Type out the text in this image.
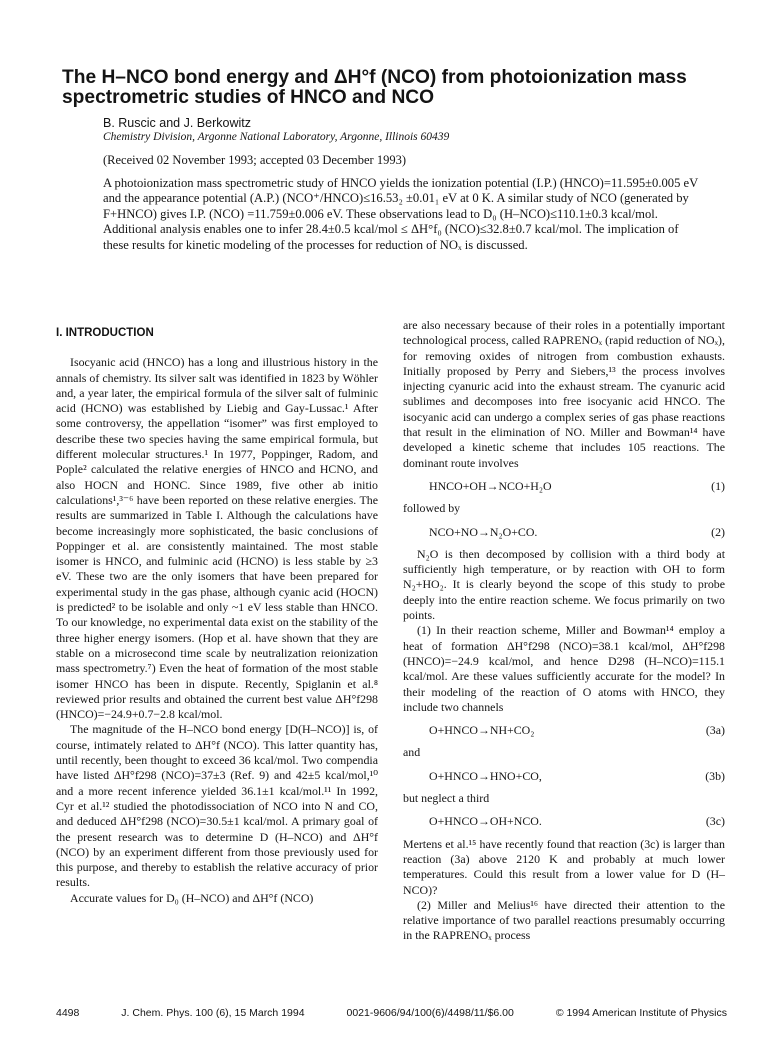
The H–NCO bond energy and ΔH°f (NCO) from photoionization mass spectrometric studies of HNCO and NCO
B. Ruscic and J. Berkowitz
Chemistry Division, Argonne National Laboratory, Argonne, Illinois 60439
(Received 02 November 1993; accepted 03 December 1993)

A photoionization mass spectrometric study of HNCO yields the ionization potential (I.P.) (HNCO)=11.595±0.005 eV and the appearance potential (A.P.) (NCO⁺/HNCO)≤16.53₂ ±0.01₁ eV at 0 K. A similar study of NCO (generated by F+HNCO) gives I.P. (NCO) =11.759±0.006 eV. These observations lead to D₀ (H–NCO)≤110.1±0.3 kcal/mol. Additional analysis enables one to infer 28.4±0.5 kcal/mol ≤ ΔH°f₀ (NCO)≤32.8±0.7 kcal/mol. The implication of these results for kinetic modeling of the processes for reduction of NOₓ is discussed.

I. INTRODUCTION

Isocyanic acid (HNCO) has a long and illustrious history in the annals of chemistry. Its silver salt was identified in 1823 by Wöhler and, a year later, the empirical formula of the silver salt of fulminic acid (HCNO) was established by Liebig and Gay-Lussac.¹ After some controversy, the appellation “isomer” was first employed to describe these two species having the same empirical formula, but different molecular structures.¹ In 1977, Poppinger, Radom, and Pople² calculated the relative energies of HNCO and HCNO, and also HOCN and HONC. Since 1989, five other ab initio calculations¹,³⁻⁶ have been reported on these relative energies. The results are summarized in Table I. Although the calculations have become increasingly more sophisticated, the basic conclusions of Poppinger et al. are consistently maintained. The most stable isomer is HNCO, and fulminic acid (HCNO) is less stable by ≥3 eV. These two are the only isomers that have been prepared for experimental study in the gas phase, although cyanic acid (HOCN) is predicted² to be isolable and only ~1 eV less stable than HNCO. To our knowledge, no experimental data exist on the stability of the three higher energy isomers. (Hop et al. have shown that they are stable on a microsecond time scale by neutralization reionization mass spectrometry.⁷) Even the heat of formation of the most stable isomer HNCO has been in dispute. Recently, Spiglanin et al.⁸ reviewed prior results and obtained the current best value ΔH°f298 (HNCO)=−24.9+0.7−2.8 kcal/mol.

The magnitude of the H–NCO bond energy [D(H–NCO)] is, of course, intimately related to ΔH°f (NCO). This latter quantity has, until recently, been thought to exceed 36 kcal/mol. Two compendia have listed ΔH°f298 (NCO)=37±3 (Ref. 9) and 42±5 kcal/mol,¹⁰ and a more recent inference yielded 36.1±1 kcal/mol.¹¹ In 1992, Cyr et al.¹² studied the photodissociation of NCO into N and CO, and deduced ΔH°f298 (NCO)=30.5±1 kcal/mol. A primary goal of the present research was to determine D (H–NCO) and ΔH°f (NCO) by an experiment different from those previously used for this purpose, and thereby to establish the relative accuracy of prior results.

Accurate values for D₀ (H–NCO) and ΔH°f (NCO)

are also necessary because of their roles in a potentially important technological process, called RAPRENOₓ (rapid reduction of NOₓ), for removing oxides of nitrogen from combustion exhausts. Initially proposed by Perry and Siebers,¹³ the process involves injecting cyanuric acid into the exhaust stream. The cyanuric acid sublimes and decomposes into free isocyanic acid HNCO. The isocyanic acid can undergo a complex series of gas phase reactions that result in the elimination of NO. Miller and Bowman¹⁴ have developed a kinetic scheme that includes 105 reactions. The dominant route involves

HNCO+OH→NCO+H₂O	(1)

followed by

NCO+NO→N₂O+CO.	(2)

N₂O is then decomposed by collision with a third body at sufficiently high temperature, or by reaction with OH to form N₂+HO₂. It is clearly beyond the scope of this study to probe deeply into the entire reaction scheme. We focus primarily on two points.

(1) In their reaction scheme, Miller and Bowman¹⁴ employ a heat of formation ΔH°f298 (NCO)=38.1 kcal/mol, ΔH°f298 (HNCO)=−24.9 kcal/mol, and hence D298 (H–NCO)=115.1 kcal/mol. Are these values sufficiently accurate for the model? In their modeling of the reaction of O atoms with HNCO, they include two channels

O+HNCO→NH+CO₂	(3a)

and

O+HNCO→HNO+CO,	(3b)

but neglect a third

O+HNCO→OH+NCO.	(3c)

Mertens et al.¹⁵ have recently found that reaction (3c) is larger than reaction (3a) above 2120 K and probably at much lower temperatures. Could this result from a lower value for D (H–NCO)?

(2) Miller and Melius¹⁶ have directed their attention to the relative importance of two parallel reactions presumably occurring in the RAPRENOₓ process

4498	J. Chem. Phys. 100 (6), 15 March 1994	0021-9606/94/100(6)/4498/11/$6.00	© 1994 American Institute of Physics
